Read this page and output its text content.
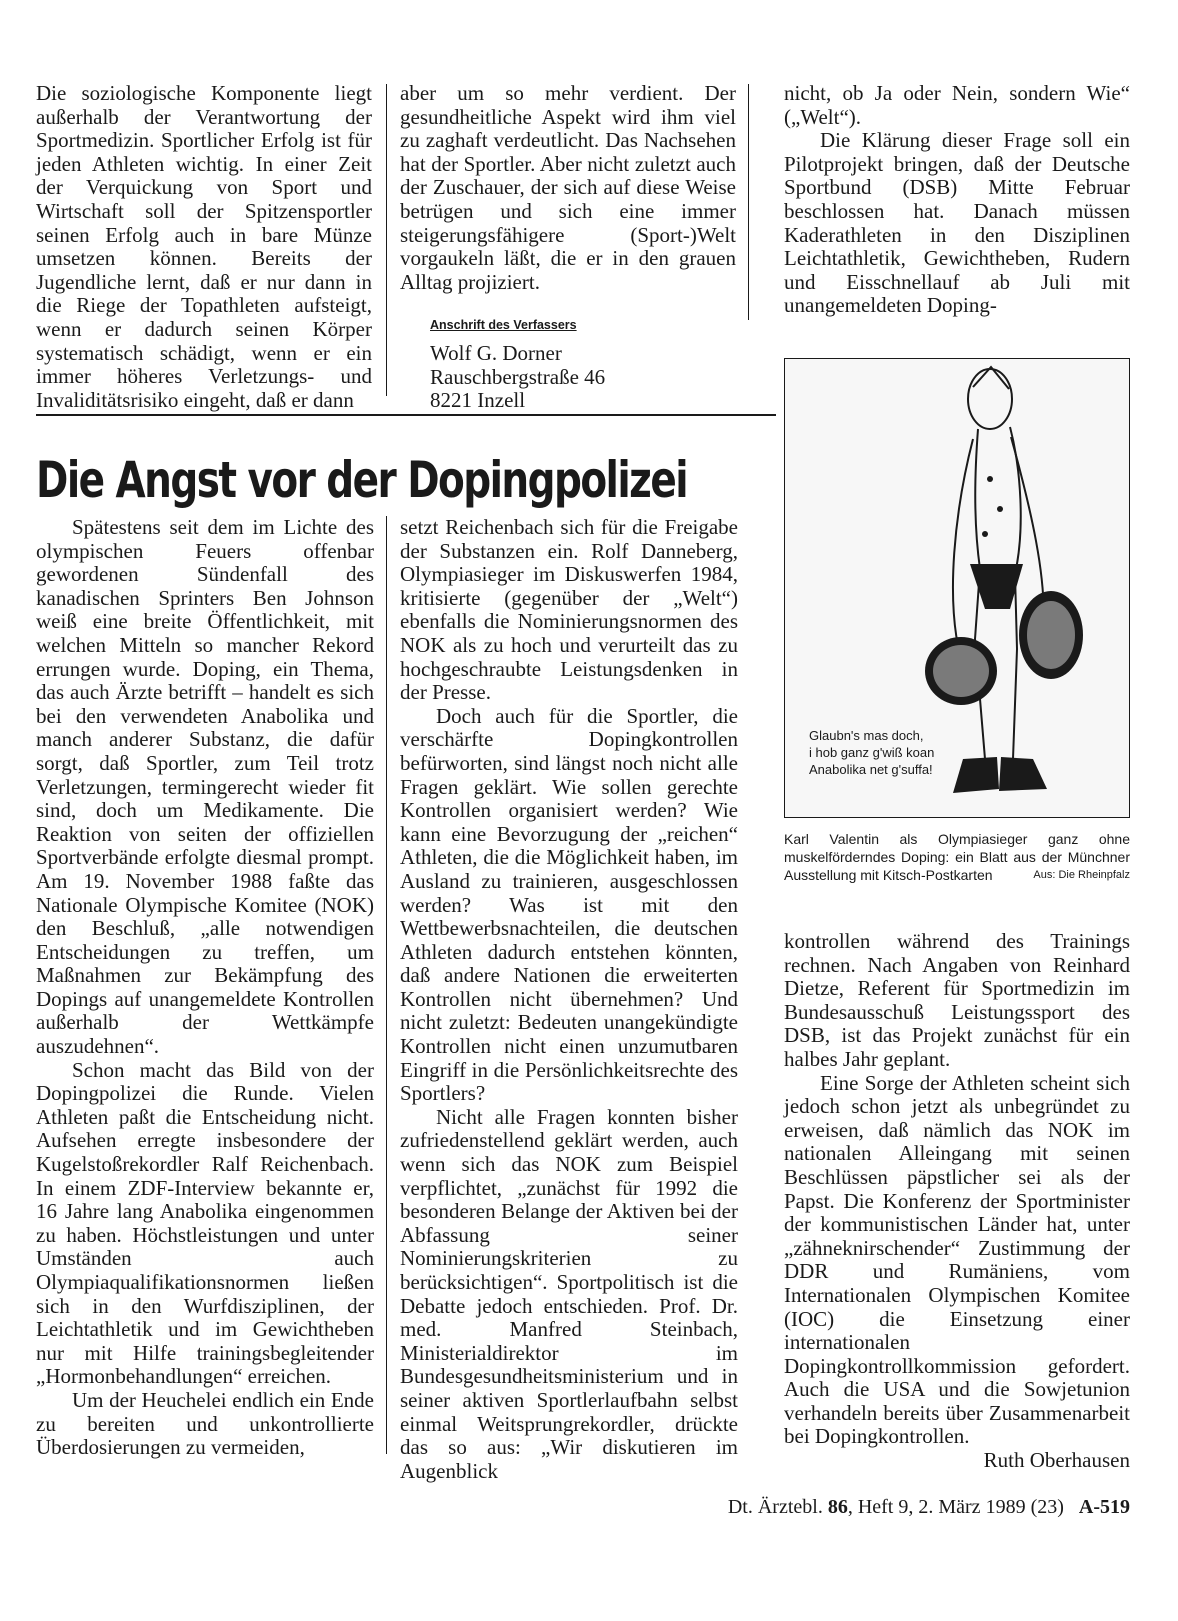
Die soziologische Komponente liegt außerhalb der Verantwortung der Sportmedizin. Sportlicher Erfolg ist für jeden Athleten wichtig. In einer Zeit der Verquickung von Sport und Wirtschaft soll der Spitzensportler seinen Erfolg auch in bare Münze umsetzen können. Bereits der Jugendliche lernt, daß er nur dann in die Riege der Topathleten aufsteigt, wenn er dadurch seinen Körper systematisch schädigt, wenn er ein immer höheres Verletzungs- und Invaliditätsrisiko eingeht, daß er dann

aber um so mehr verdient. Der gesundheitliche Aspekt wird ihm viel zu zaghaft verdeutlicht. Das Nachsehen hat der Sportler. Aber nicht zuletzt auch der Zuschauer, der sich auf diese Weise betrügen und sich eine immer steigerungsfähigere (Sport-)Welt vorgaukeln läßt, die er in den grauen Alltag projiziert.

Anschrift des Verfassers
Wolf G. Dorner
Rauschbergstraße 46
8221 Inzell
Die Angst vor der Dopingpolizei

Spätestens seit dem im Lichte des olympischen Feuers offenbar gewordenen Sündenfall des kanadischen Sprinters Ben Johnson weiß eine breite Öffentlichkeit, mit welchen Mitteln so mancher Rekord errungen wurde. Doping, ein Thema, das auch Ärzte betrifft – handelt es sich bei den verwendeten Anabolika und manch anderer Substanz, die dafür sorgt, daß Sportler, zum Teil trotz Verletzungen, termingerecht wieder fit sind, doch um Medikamente. Die Reaktion von seiten der offiziellen Sportverbände erfolgte diesmal prompt. Am 19. November 1988 faßte das Nationale Olympische Komitee (NOK) den Beschluß, „alle notwendigen Entscheidungen zu treffen, um Maßnahmen zur Bekämpfung des Dopings auf unangemeldete Kontrollen außerhalb der Wettkämpfe auszudehnen“.

Schon macht das Bild von der Dopingpolizei die Runde. Vielen Athleten paßt die Entscheidung nicht. Aufsehen erregte insbesondere der Kugelstoßrekordler Ralf Reichenbach. In einem ZDF-Interview bekannte er, 16 Jahre lang Anabolika eingenommen zu haben. Höchstleistungen und unter Umständen auch Olympiaqualifikationsnormen ließen sich in den Wurfdisziplinen, der Leichtathletik und im Gewichtheben nur mit Hilfe trainingsbegleitender „Hormonbehandlungen“ erreichen.

Um der Heuchelei endlich ein Ende zu bereiten und unkontrollierte Überdosierungen zu vermeiden,

setzt Reichenbach sich für die Freigabe der Substanzen ein. Rolf Danneberg, Olympiasieger im Diskuswerfen 1984, kritisierte (gegenüber der „Welt“) ebenfalls die Nominierungsnormen des NOK als zu hoch und verurteilt das zu hochgeschraubte Leistungsdenken in der Presse.

Doch auch für die Sportler, die verschärfte Dopingkontrollen befürworten, sind längst noch nicht alle Fragen geklärt. Wie sollen gerechte Kontrollen organisiert werden? Wie kann eine Bevorzugung der „reichen“ Athleten, die die Möglichkeit haben, im Ausland zu trainieren, ausgeschlossen werden? Was ist mit den Wettbewerbsnachteilen, die deutschen Athleten dadurch entstehen könnten, daß andere Nationen die erweiterten Kontrollen nicht übernehmen? Und nicht zuletzt: Bedeuten unangekündigte Kontrollen nicht einen unzumutbaren Eingriff in die Persönlichkeitsrechte des Sportlers?

Nicht alle Fragen konnten bisher zufriedenstellend geklärt werden, auch wenn sich das NOK zum Beispiel verpflichtet, „zunächst für 1992 die besonderen Belange der Aktiven bei der Abfassung seiner Nominierungskriterien zu berücksichtigen“. Sportpolitisch ist die Debatte jedoch entschieden. Prof. Dr. med. Manfred Steinbach, Ministerialdirektor im Bundesgesundheitsministerium und in seiner aktiven Sportlerlaufbahn selbst einmal Weitsprungrekordler, drückte das so aus: „Wir diskutieren im Augenblick

nicht, ob Ja oder Nein, sondern Wie“ („Welt“).

Die Klärung dieser Frage soll ein Pilotprojekt bringen, daß der Deutsche Sportbund (DSB) Mitte Februar beschlossen hat. Danach müssen Kaderathleten in den Disziplinen Leichtathletik, Gewichtheben, Rudern und Eisschnellauf ab Juli mit unangemeldeten Doping-

Glaubn's mas doch,
i hob ganz g'wiß koan
Anabolika net g'suffa!
Karl Valentin als Olympiasieger ganz ohne muskelförderndes Doping: ein Blatt aus der Münchner Ausstellung mit Kitsch-Postkarten	Aus: Die Rheinpfalz

kontrollen während des Trainings rechnen. Nach Angaben von Reinhard Dietze, Referent für Sportmedizin im Bundesausschuß Leistungssport des DSB, ist das Projekt zunächst für ein halbes Jahr geplant.

Eine Sorge der Athleten scheint sich jedoch schon jetzt als unbegründet zu erweisen, daß nämlich das NOK im nationalen Alleingang mit seinen Beschlüssen päpstlicher sei als der Papst. Die Konferenz der Sportminister der kommunistischen Länder hat, unter „zähneknirschender“ Zustimmung der DDR und Rumäniens, vom Internationalen Olympischen Komitee (IOC) die Einsetzung einer internationalen Dopingkontrollkommission gefordert. Auch die USA und die Sowjetunion verhandeln bereits über Zusammenarbeit bei Dopingkontrollen.

Ruth Oberhausen

Dt. Ärztebl. 86, Heft 9, 2. März 1989 (23) A-519
